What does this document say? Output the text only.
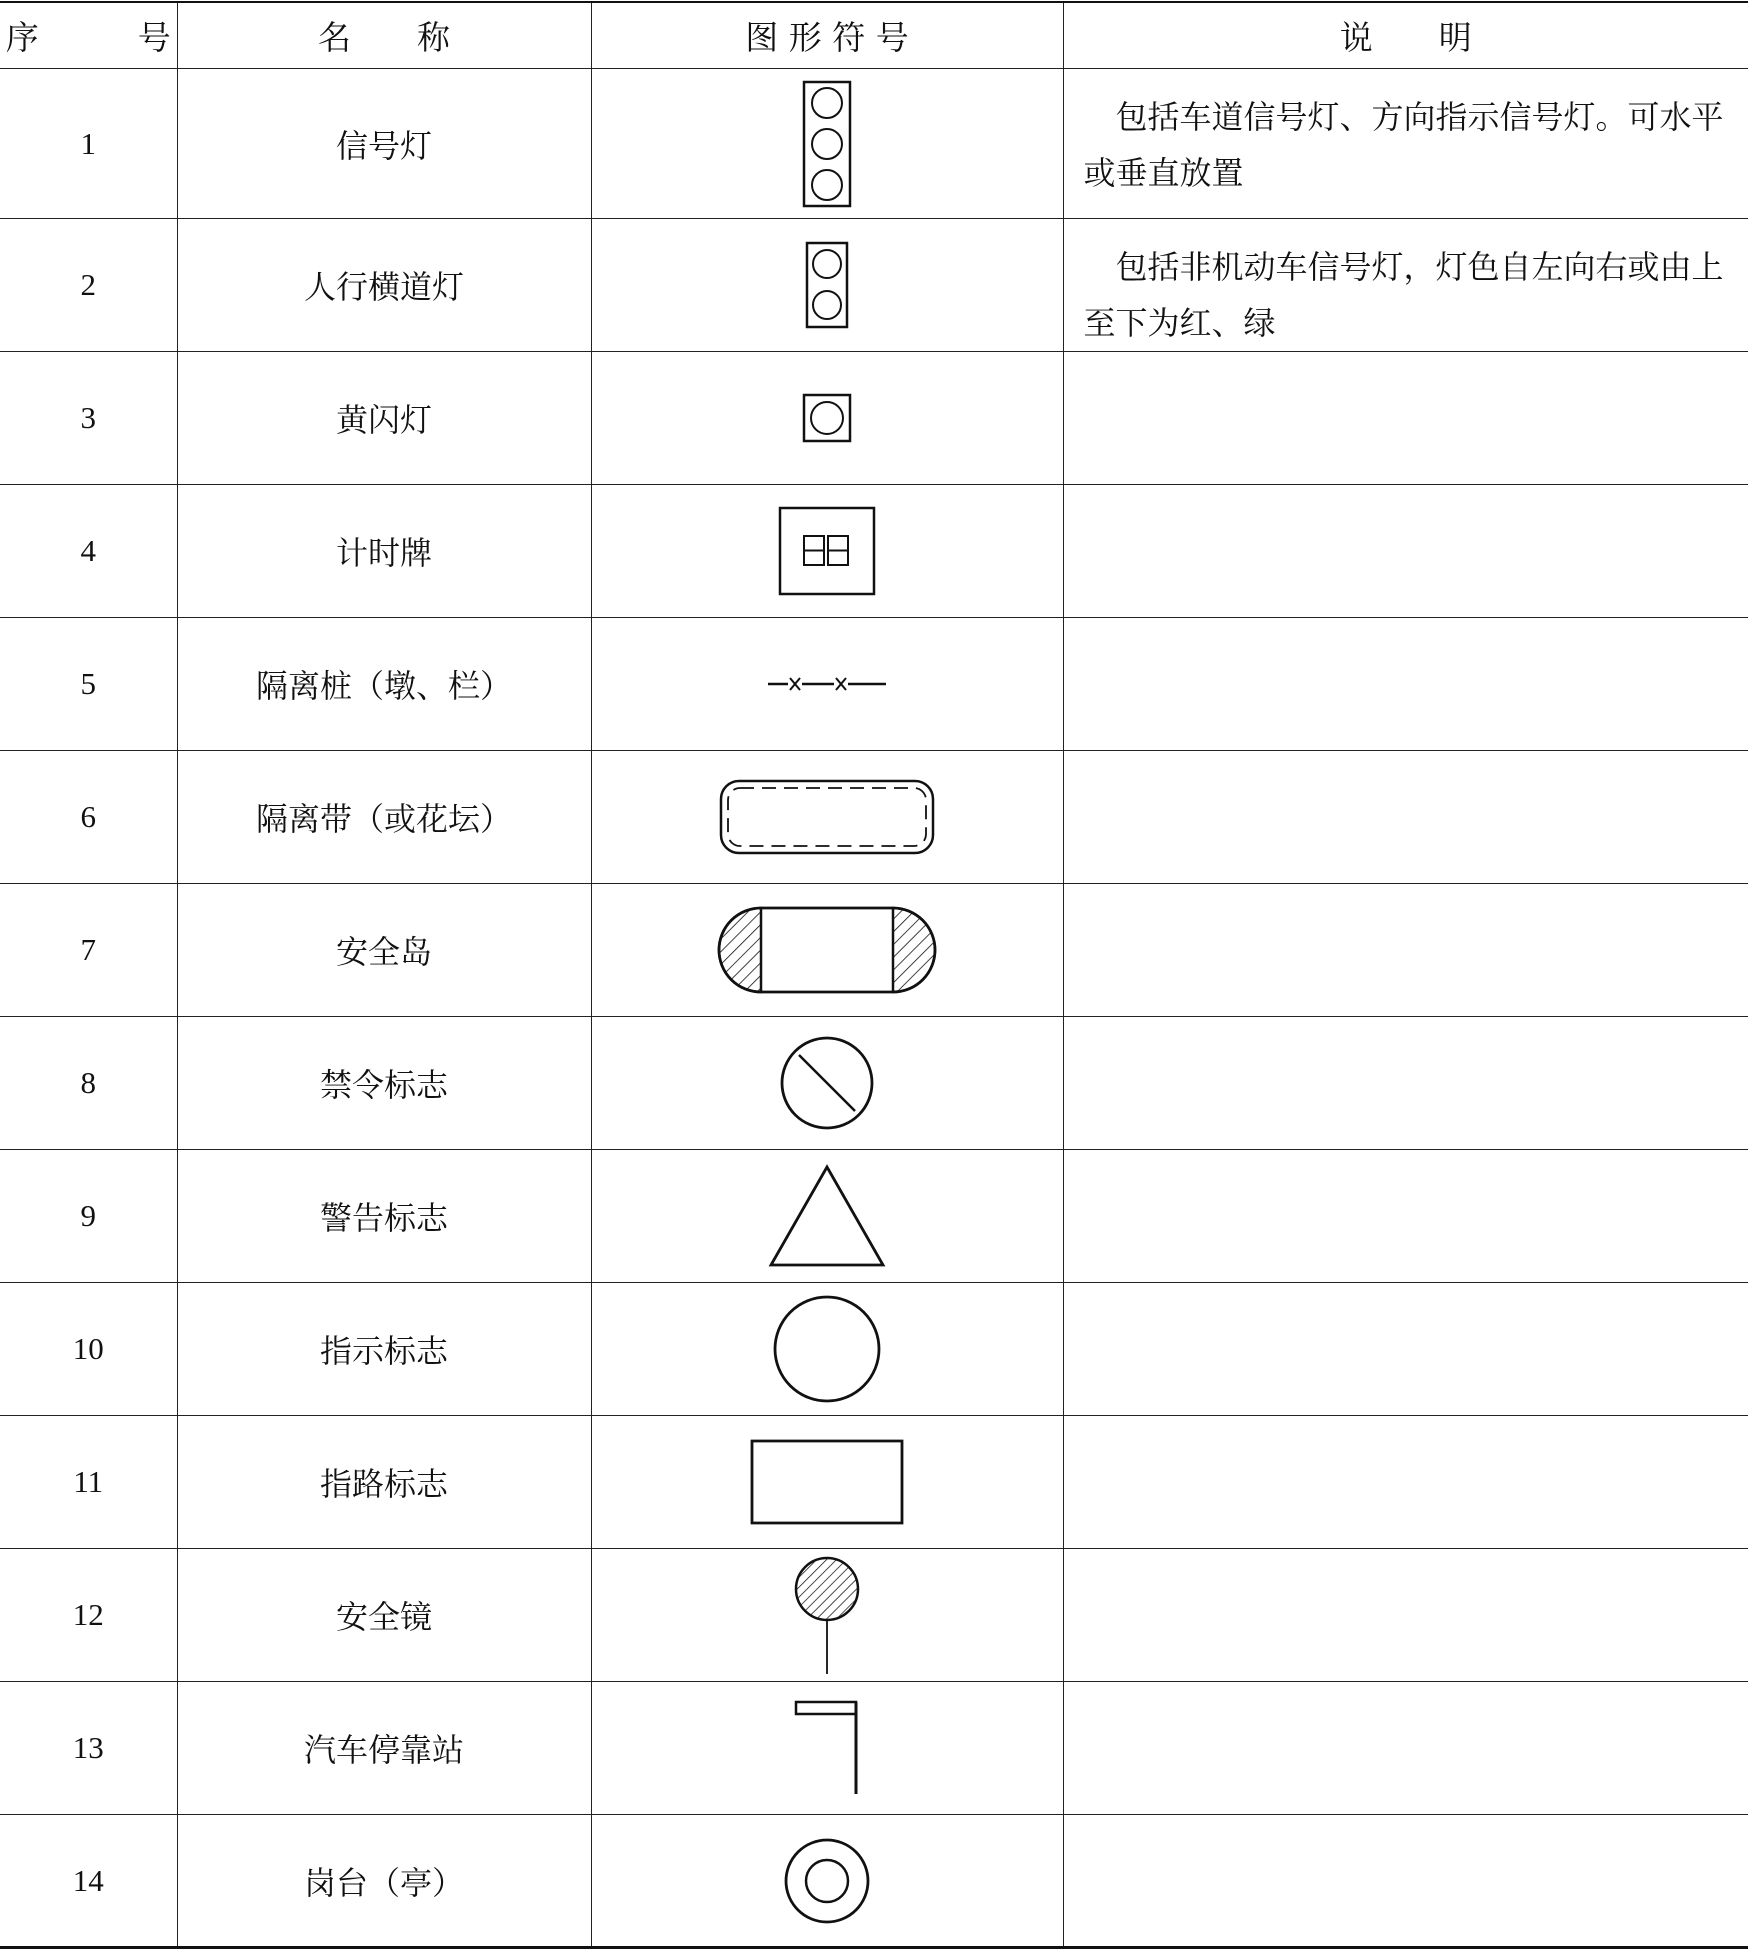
序　　　号	名　　称	图 形 符 号	说　　明
1	信号灯		　包括车道信号灯、方向指示信号灯。可水平或垂直放置
2	人行横道灯		　包括非机动车信号灯，灯色自左向右或由上至下为红、绿
3	黄闪灯	

4	计时牌	

5	隔离桩（墩、栏）	

6	隔离带（或花坛）	

7	安全岛	

8	禁令标志	

9	警告标志	

10	指示标志	

11	指路标志	

12	安全镜	

13	汽车停靠站	

14	岗台（亭）	
